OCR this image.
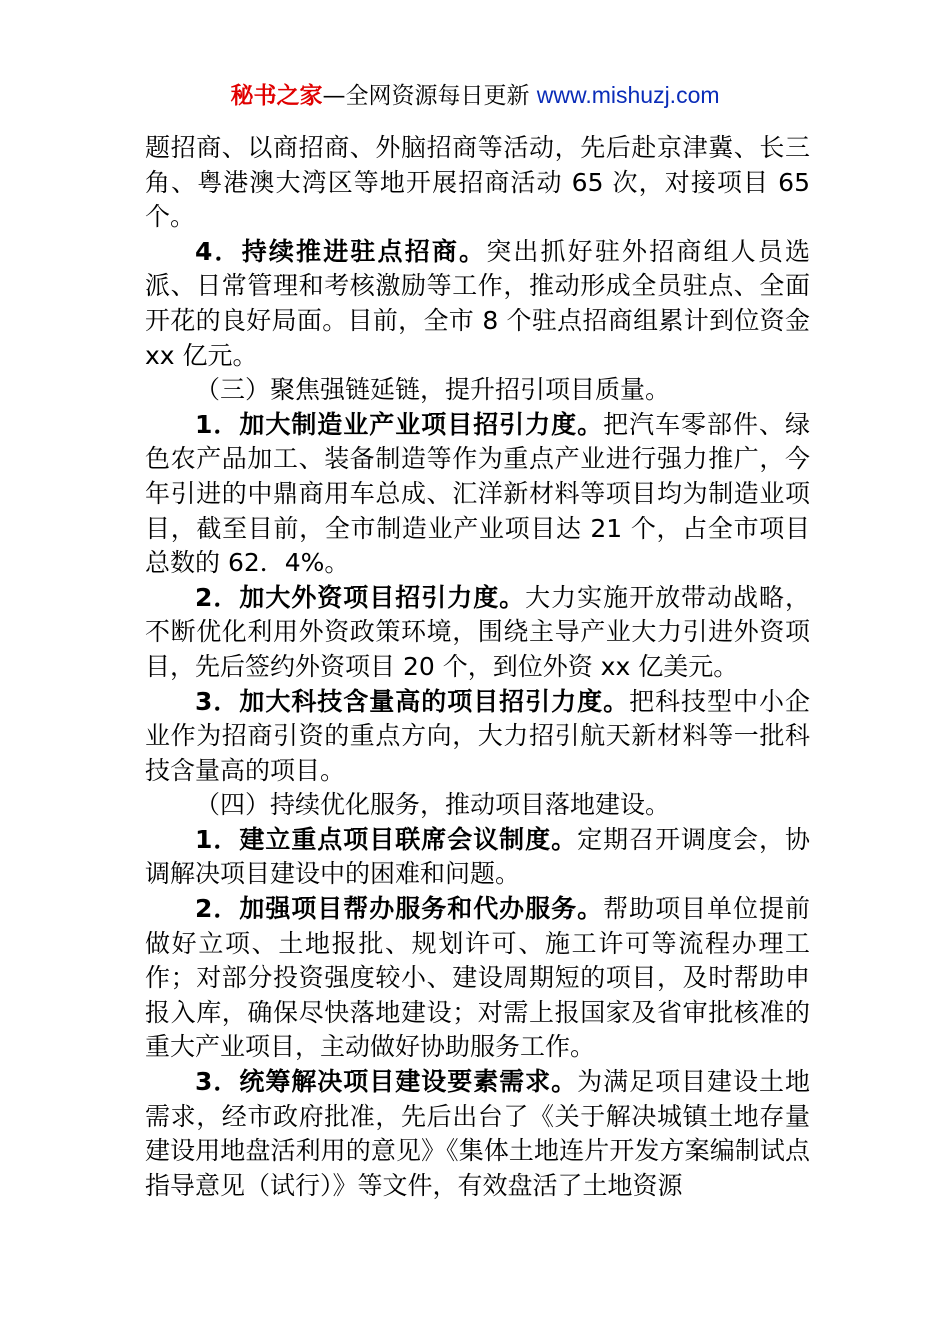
秘书之家—全网资源每日更新 www.mishuzj.com

题招商、以商招商、外脑招商等活动，先后赴京津冀、长三角、粤港澳大湾区等地开展招商活动 65 次，对接项目 65 个。

4．持续推进驻点招商。突出抓好驻外招商组人员选派、日常管理和考核激励等工作，推动形成全员驻点、全面开花的良好局面。目前，全市 8 个驻点招商组累计到位资金 xx 亿元。

（三）聚焦强链延链，提升招引项目质量。

1．加大制造业产业项目招引力度。把汽车零部件、绿色农产品加工、装备制造等作为重点产业进行强力推广，今年引进的中鼎商用车总成、汇洋新材料等项目均为制造业项目，截至目前，全市制造业产业项目达 21 个，占全市项目总数的 62．4%。

2．加大外资项目招引力度。大力实施开放带动战略，不断优化利用外资政策环境，围绕主导产业大力引进外资项目，先后签约外资项目 20 个，到位外资 xx 亿美元。

3．加大科技含量高的项目招引力度。把科技型中小企业作为招商引资的重点方向，大力招引航天新材料等一批科技含量高的项目。

（四）持续优化服务，推动项目落地建设。

1．建立重点项目联席会议制度。定期召开调度会，协调解决项目建设中的困难和问题。

2．加强项目帮办服务和代办服务。帮助项目单位提前做好立项、土地报批、规划许可、施工许可等流程办理工作；对部分投资强度较小、建设周期短的项目，及时帮助申报入库，确保尽快落地建设；对需上报国家及省审批核准的重大产业项目，主动做好协助服务工作。

3．统筹解决项目建设要素需求。为满足项目建设土地需求，经市政府批准，先后出台了《关于解决城镇土地存量建设用地盘活利用的意见》《集体土地连片开发方案编制试点指导意见（试行）》等文件，有效盘活了土地资源
